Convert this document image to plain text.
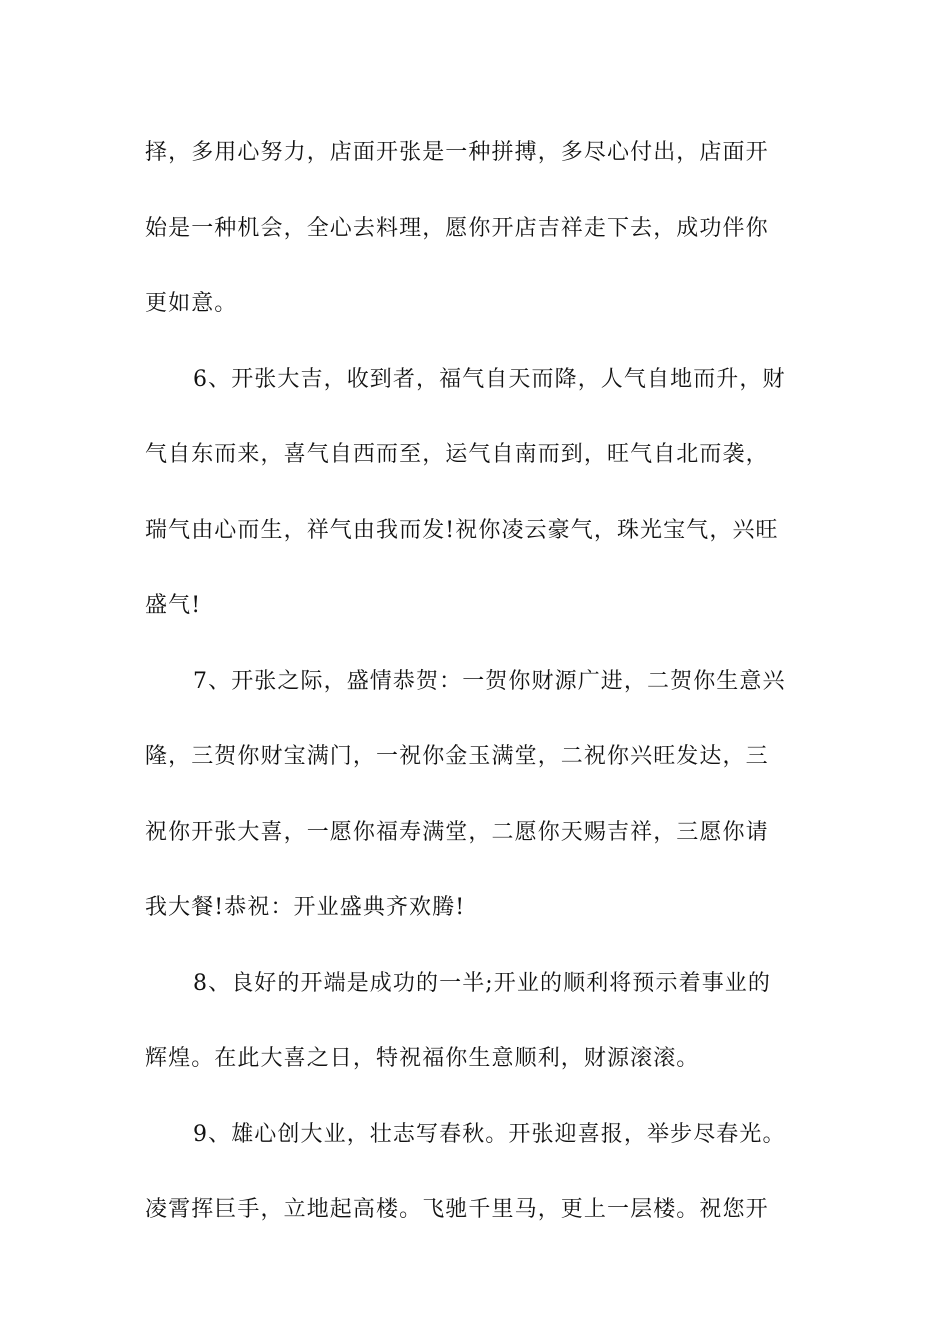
择，多用心努力，店面开张是一种拼搏，多尽心付出，店面开
始是一种机会，全心去料理，愿你开店吉祥走下去，成功伴你
更如意。
6、开张大吉，收到者，福气自天而降，人气自地而升，财
气自东而来，喜气自西而至，运气自南而到，旺气自北而袭，
瑞气由心而生，祥气由我而发!祝你凌云豪气，珠光宝气，兴旺
盛气!
7、开张之际，盛情恭贺：一贺你财源广进，二贺你生意兴
隆，三贺你财宝满门，一祝你金玉满堂，二祝你兴旺发达，三
祝你开张大喜，一愿你福寿满堂，二愿你天赐吉祥，三愿你请
我大餐!恭祝：开业盛典齐欢腾!
8、良好的开端是成功的一半;开业的顺利将预示着事业的
辉煌。在此大喜之日，特祝福你生意顺利，财源滚滚。
9、雄心创大业，壮志写春秋。开张迎喜报，举步尽春光。
凌霄挥巨手，立地起高楼。飞驰千里马，更上一层楼。祝您开
